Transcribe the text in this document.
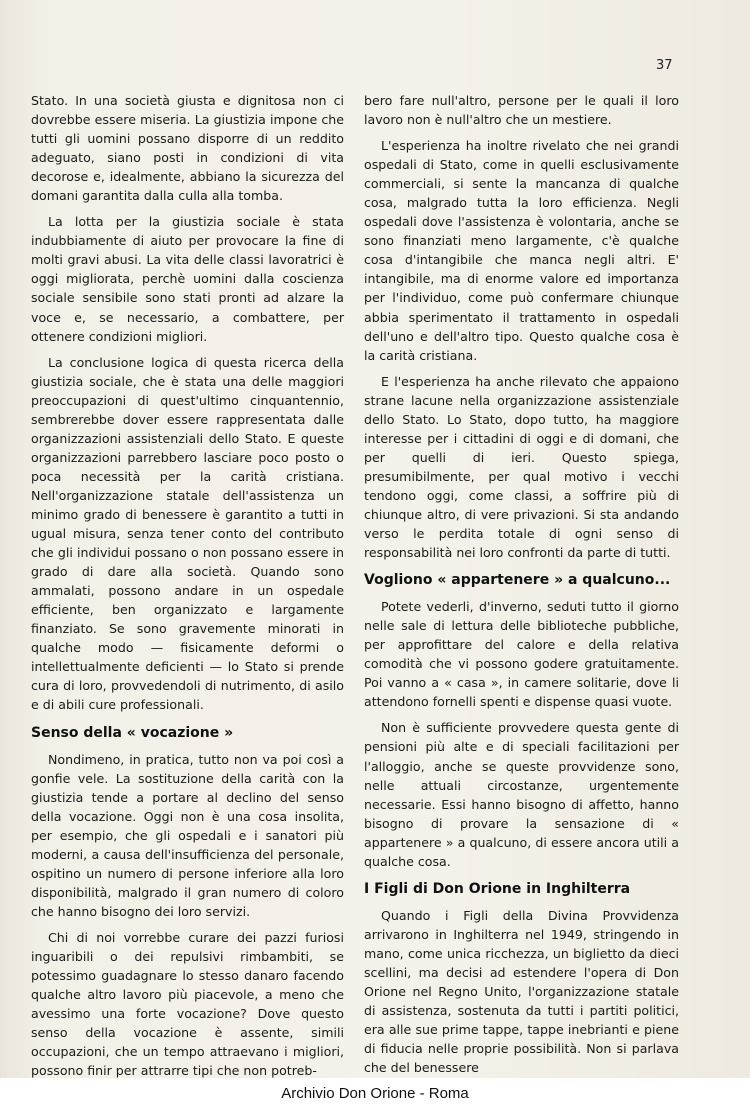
37

Stato. In una società giusta e dignitosa non ci dovrebbe essere miseria. La giustizia impone che tutti gli uomini possano disporre di un reddito adeguato, siano posti in condizioni di vita decorose e, idealmente, abbiano la sicurezza del domani garantita dalla culla alla tomba.

La lotta per la giustizia sociale è stata indubbiamente di aiuto per provocare la fine di molti gravi abusi. La vita delle classi lavoratrici è oggi migliorata, perchè uomini dalla coscienza sociale sensibile sono stati pronti ad alzare la voce e, se necessario, a combattere, per ottenere condizioni migliori.

La conclusione logica di questa ricerca della giustizia sociale, che è stata una delle maggiori preoccupazioni di quest'ultimo cinquantennio, sembrerebbe dover essere rappresentata dalle organizzazioni assistenziali dello Stato. E queste organizzazioni parrebbero lasciare poco posto o poca necessità per la carità cristiana. Nell'organizzazione statale dell'assistenza un minimo grado di benessere è garantito a tutti in ugual misura, senza tener conto del contributo che gli individui possano o non possano essere in grado di dare alla società. Quando sono ammalati, possono andare in un ospedale efficiente, ben organizzato e largamente finanziato. Se sono gravemente minorati in qualche modo — fisicamente deformi o intellettualmente deficienti — lo Stato si prende cura di loro, provvedendoli di nutrimento, di asilo e di abili cure professionali.

Senso della « vocazione »

Nondimeno, in pratica, tutto non va poi così a gonfie vele. La sostituzione della carità con la giustizia tende a portare al declino del senso della vocazione. Oggi non è una cosa insolita, per esempio, che gli ospedali e i sanatori più moderni, a causa dell'insufficienza del personale, ospitino un numero di persone inferiore alla loro disponibilità, malgrado il gran numero di coloro che hanno bisogno dei loro servizi.

Chi di noi vorrebbe curare dei pazzi furiosi inguaribili o dei repulsivi rimbambiti, se potessimo guadagnare lo stesso danaro facendo qualche altro lavoro più piacevole, a meno che avessimo una forte vocazione? Dove questo senso della vocazione è assente, simili occupazioni, che un tempo attraevano i migliori, possono finir per attrarre tipi che non potreb-

bero fare null'altro, persone per le quali il loro lavoro non è null'altro che un mestiere.

L'esperienza ha inoltre rivelato che nei grandi ospedali di Stato, come in quelli esclusivamente commerciali, si sente la mancanza di qualche cosa, malgrado tutta la loro efficienza. Negli ospedali dove l'assistenza è volontaria, anche se sono finanziati meno largamente, c'è qualche cosa d'intangibile che manca negli altri. E' intangibile, ma di enorme valore ed importanza per l'individuo, come può confermare chiunque abbia sperimentato il trattamento in ospedali dell'uno e dell'altro tipo. Questo qualche cosa è la carità cristiana.

E l'esperienza ha anche rilevato che appaiono strane lacune nella organizzazione assistenziale dello Stato. Lo Stato, dopo tutto, ha maggiore interesse per i cittadini di oggi e di domani, che per quelli di ieri. Questo spiega, presumibilmente, per qual motivo i vecchi tendono oggi, come classi, a soffrire più di chiunque altro, di vere privazioni. Si sta andando verso le perdita totale di ogni senso di responsabilità nei loro confronti da parte di tutti.

Vogliono « appartenere » a qualcuno...

Potete vederli, d'inverno, seduti tutto il giorno nelle sale di lettura delle biblioteche pubbliche, per approfittare del calore e della relativa comodità che vi possono godere gratuitamente. Poi vanno a « casa », in camere solitarie, dove li attendono fornelli spenti e dispense quasi vuote.

Non è sufficiente provvedere questa gente di pensioni più alte e di speciali facilitazioni per l'alloggio, anche se queste provvidenze sono, nelle attuali circostanze, urgentemente necessarie. Essi hanno bisogno di affetto, hanno bisogno di provare la sensazione di « appartenere » a qualcuno, di essere ancora utili a qualche cosa.

I Figli di Don Orione in Inghilterra

Quando i Figli della Divina Provvidenza arrivarono in Inghilterra nel 1949, stringendo in mano, come unica ricchezza, un biglietto da dieci scellini, ma decisi ad estendere l'opera di Don Orione nel Regno Unito, l'organizzazione statale di assistenza, sostenuta da tutti i partiti politici, era alle sue prime tappe, tappe inebrianti e piene di fiducia nelle proprie possibilità. Non si parlava che del benessere

Archivio Don Orione - Roma
